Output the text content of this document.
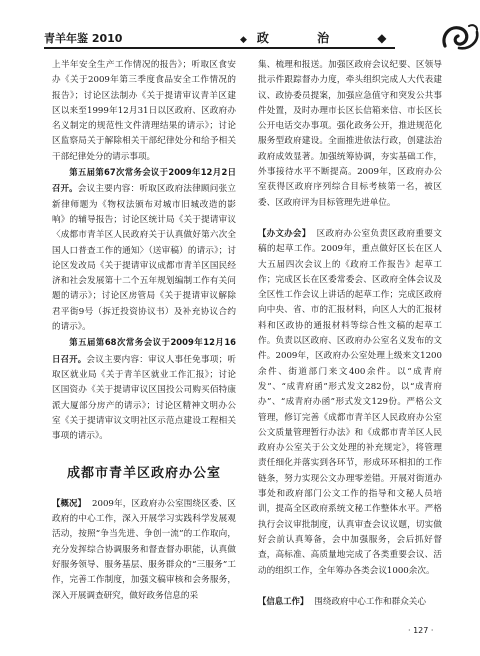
青羊年鉴 2010	◆ 政 治 ◆

上半年安全生产工作情况的报告》；听取区食安办《关于2009年第三季度食品安全工作情况的报告》；讨论区法制办《关于提请审议青羊区建区以来至1999年12月31日以区政府、区政府办名义制定的规范性文件清理结果的请示》；讨论区监察局关于解除相关干部纪律处分和给予相关干部纪律处分的请示事项。

第五届第67次常务会议于2009年12月2日召开。会议主要内容：听取区政府法律顾问张立新律师题为《物权法颁布对城市旧城改造的影响》的辅导报告；讨论区统计局《关于提请审议〈成都市青羊区人民政府关于认真做好第六次全国人口普查工作的通知〉（送审稿）的请示》；讨论区发改局《关于提请审议成都市青羊区国民经济和社会发展第十二个五年规划编制工作有关问题的请示》；讨论区房管局《关于提请审议解除君平街9号（拆迁投资协议书）及补充协议合约的请示》。

第五届第68次常务会议于2009年12月16日召开。会议主要内容：审议人事任免事项；听取区就业局《关于青羊区就业工作汇报》；讨论区国资办《关于提请审议区国投公司购买佰特康派大厦部分房产的请示》；讨论区精神文明办公室《关于提请审议文明社区示范点建设工程相关事项的请示》。

成都市青羊区政府办公室

【概况】 2009年，区政府办公室围绕区委、区政府的中心工作，深入开展学习实践科学发展观活动，按照“争当先进、争创一流”的工作取向，充分发挥综合协调服务和督查督办职能，认真做好服务领导、服务基层、服务群众的“三服务”工作，完善工作制度，加强文稿审核和会务服务，深入开展调查研究，做好政务信息的采

集、梳理和报送。加强区政府会议纪要、区领导批示件跟踪督办力度，牵头组织完成人大代表建议、政协委员提案，加强应急值守和突发公共事件处置，及时办理市长区长信箱来信、市长区长公开电话交办事项。强化政务公开，推进规范化服务型政府建设。全面推进依法行政，创建法治政府成效显著。加强统筹协调，夯实基础工作，外事接待水平不断提高。2009年，区政府办公室获得区政府序列综合目标考核第一名，被区委、区政府评为目标管理先进单位。

【办文办会】 区政府办公室负责区政府重要文稿的起草工作。2009年，重点做好区长在区人大五届四次会议上的《政府工作报告》起草工作；完成区长在区委常委会、区政府全体会议及全区性工作会议上讲话的起草工作；完成区政府向中央、省、市的汇报材料，向区人大的汇报材料和区政协的通报材料等综合性文稿的起草工作。负责以区政府、区政府办公室名义发布的文件。2009年，区政府办公室处理上级来文1200余件、街道部门来文400余件。以“成青府发”、“成青府函”形式发文282份，以“成青府办”、“成青府办函”形式发文129份。严格公文管理，修订完善《成都市青羊区人民政府办公室公文质量管理暂行办法》和《成都市青羊区人民政府办公室关于公文处理的补充规定》，将管理责任细化并落实到各环节，形成环环相扣的工作链条，努力实现公文办理零差错。开展对街道办事处和政府部门公文工作的指导和文秘人员培训，提高全区政府系统文秘工作整体水平。严格执行会议审批制度，认真审查会议议题，切实做好会前认真筹备，会中加强服务，会后抓好督查，高标准、高质量地完成了各类重要会议、活动的组织工作，全年筹办各类会议1000余次。

【信息工作】 围绕政府中心工作和群众关心

· 127 ·
